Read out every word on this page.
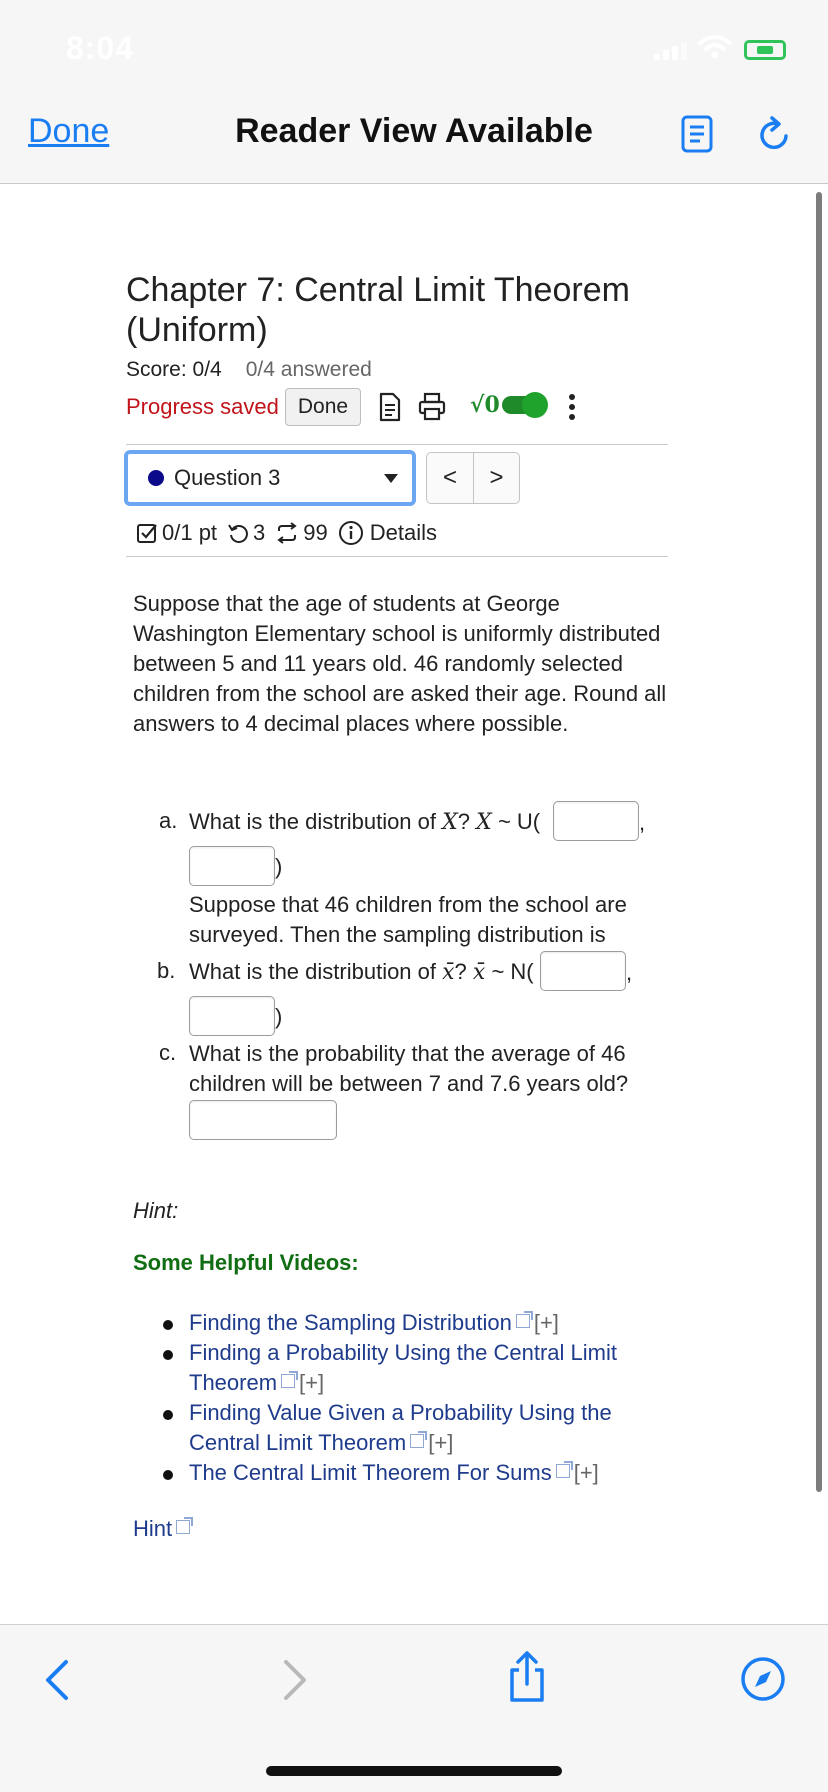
8:04
Done	Reader View Available
Chapter 7: Central Limit Theorem (Uniform)
Score: 0/4 0/4 answered
Progress saved Done	√0
Question 3	<	>
0/1 pt 3 99 Details
Suppose that the age of students at George Washington Elementary school is uniformly distributed between 5 and 11 years old. 46 randomly selected children from the school are asked their age. Round all answers to 4 decimal places where possible.
a. What is the distribution of X? X ~ U(	,
)
Suppose that 46 children from the school are surveyed. Then the sampling distribution is
b. What is the distribution of x̄? x̄ ~ N(	,
)
c. What is the probability that the average of 46 children will be between 7 and 7.6 years old?
Hint:
Some Helpful Videos:
Finding the Sampling Distribution [+]
Finding a Probability Using the Central Limit Theorem [+]
Finding Value Given a Probability Using the Central Limit Theorem [+]
The Central Limit Theorem For Sums [+]
Hint
